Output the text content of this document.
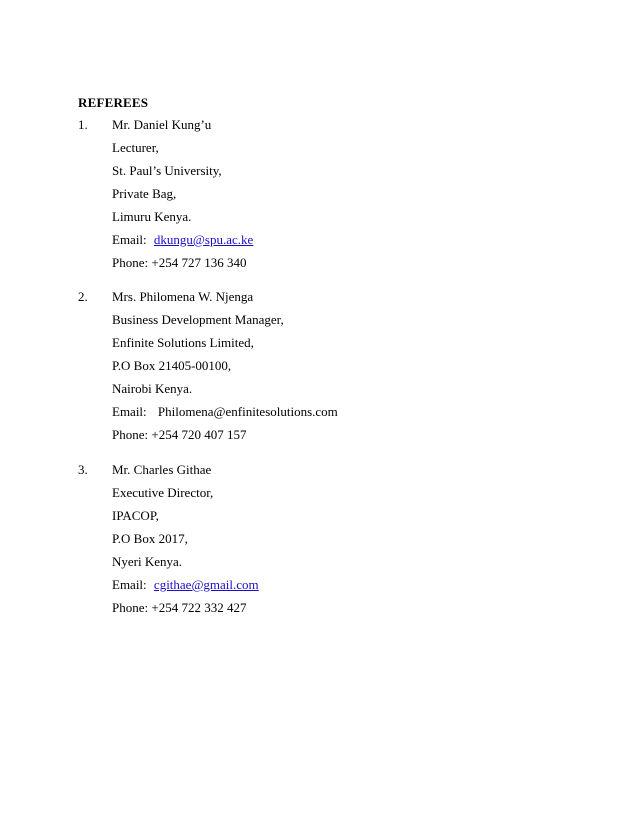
REFEREES
1. Mr. Daniel Kung’u
Lecturer,
St. Paul’s University,
Private Bag,
Limuru Kenya.
Email: dkungu@spu.ac.ke
Phone: +254 727 136 340
2. Mrs. Philomena W. Njenga
Business Development Manager,
Enfinite Solutions Limited,
P.O Box 21405-00100,
Nairobi Kenya.
Email: Philomena@enfinitesolutions.com
Phone: +254 720 407 157
3. Mr. Charles Githae
Executive Director,
IPACOP,
P.O Box 2017,
Nyeri Kenya.
Email: cgithae@gmail.com
Phone: +254 722 332 427
